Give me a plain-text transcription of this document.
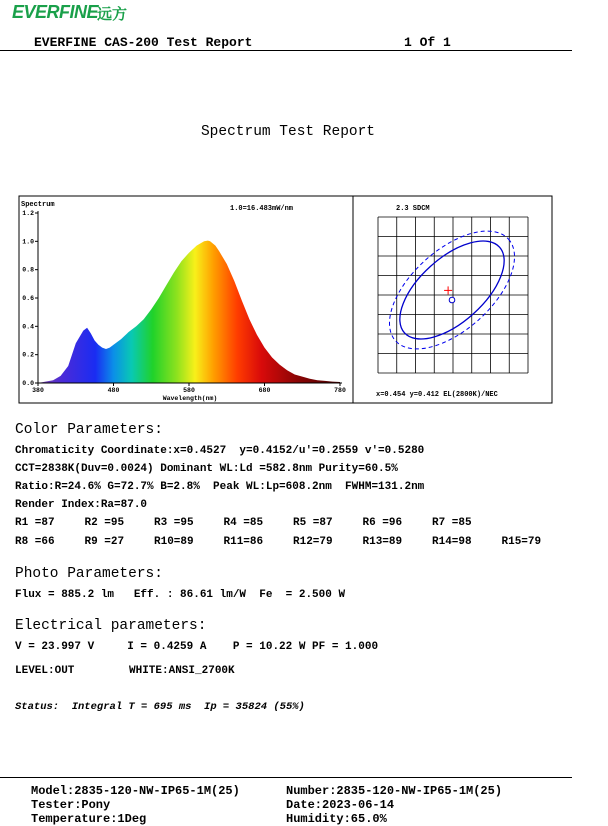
EVERFINE
远方
EVERFINE CAS-200 Test Report	1 Of 1
Spectrum Test Report
Spectrum	1.0=16.483mW/nm
Wavelength(nm)
0.0
0.2
0.4
0.6
0.8
1.0
1.2
380	480	580	680	780
2.3 SDCM
x=0.454 y=0.412 EL(2800K)/NEC
Color Parameters:
Chromaticity Coordinate:x=0.4527  y=0.4152/u'=0.2559 v'=0.5280
CCT=2838K(Duv=0.0024) Dominant WL:Ld =582.8nm Purity=60.5%
Ratio:R=24.6% G=72.7% B=2.8%  Peak WL:Lp=608.2nm  FWHM=131.2nm
Render Index:Ra=87.0
R1 =87	R2 =95	R3 =95	R4 =85	R5 =87	R6 =96	R7 =85
R8 =66	R9 =27	R10=89	R11=86	R12=79	R13=89	R14=98	R15=79
Photo Parameters:
Flux = 885.2 lm   Eff. : 86.61 lm/W  Fe  = 2.500 W
Electrical parameters:
V = 23.997 V     I = 0.4259 A    P = 10.22 W PF = 1.000
LEVEL:OUT	WHITE:ANSI_2700K
Status:  Integral T = 695 ms  Ip = 35824 (55%)
Model:2835-120-NW-IP65-1M(25)	Number:2835-120-NW-IP65-1M(25)
Tester:Pony	Date:2023-06-14
Temperature:1Deg	Humidity:65.0%
